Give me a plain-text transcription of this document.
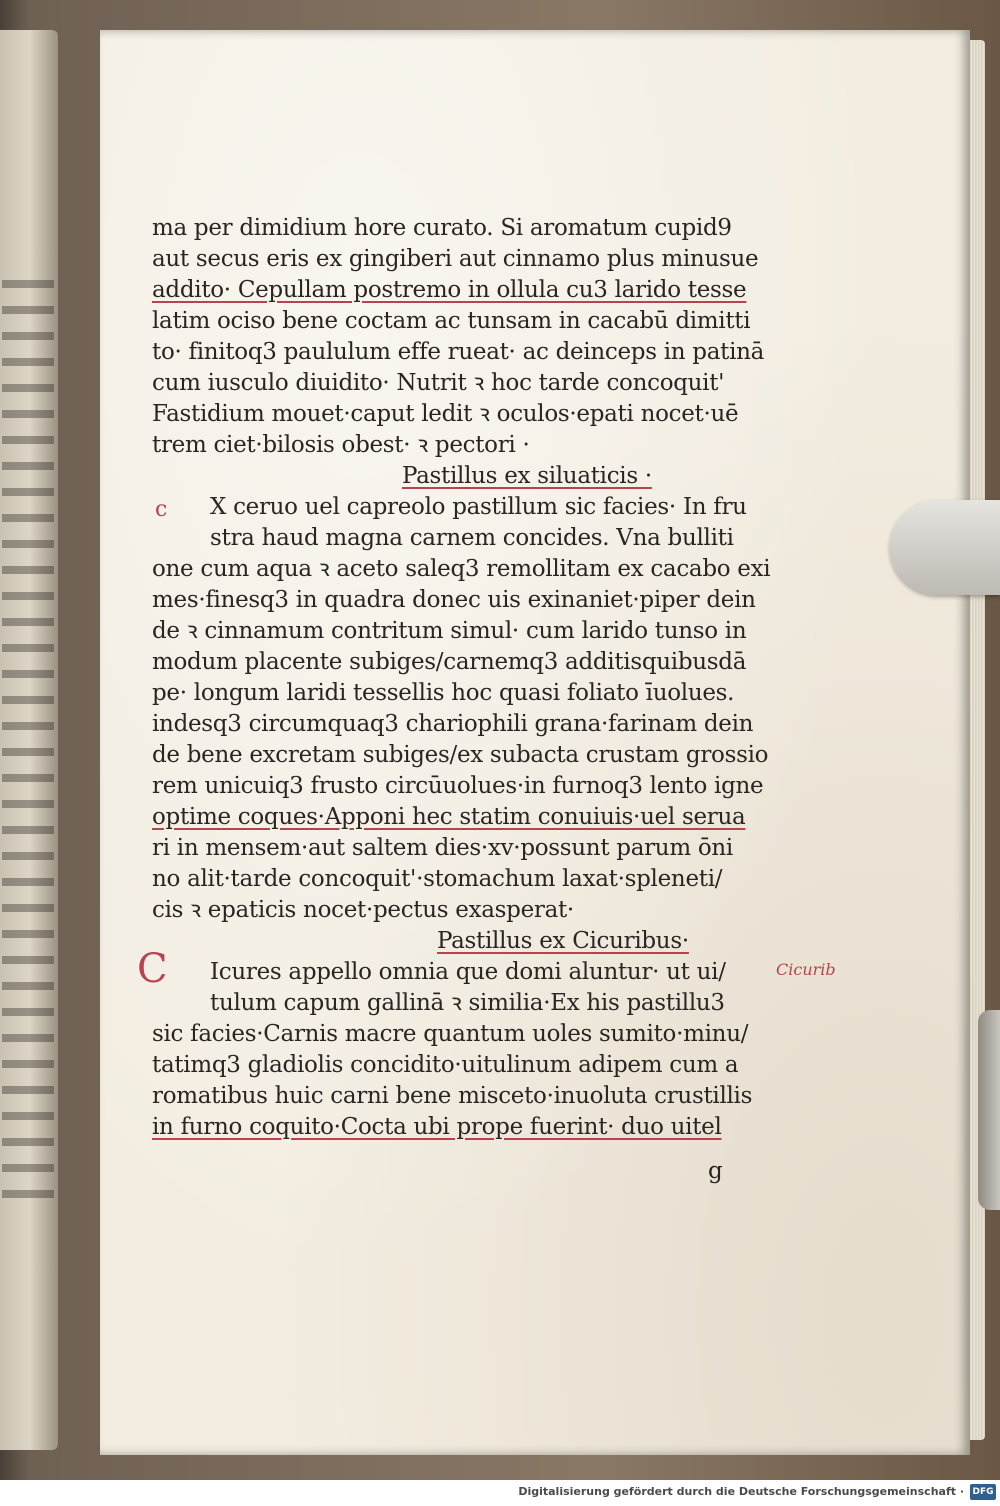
c
C	Cicurib
ma per dimidium hore curato. Si aromatum cupid9
aut secus eris ex gingiberi aut cinnamo plus minusue
addito· Cepullam postremo in ollula cu3 larido tesse
latim ociso bene coctam ac tunsam in cacabū dimitti
to· finitoq3 paululum effe rueat· ac deinceps in patinā
cum iusculo diuidito· Nutrit ꝛ hoc tarde concoquit'
Fastidium mouet·caput ledit ꝛ oculos·epati nocet·uē
trem ciet·bilosis obest· ꝛ pectori ·
Pastillus ex siluaticis ·
X ceruo uel capreolo pastillum sic facies· In fru
stra haud magna carnem concides. Vna bulliti
one cum aqua ꝛ aceto saleq3 remollitam ex cacabo exi
mes·finesq3 in quadra donec uis exinaniet·piper dein
de ꝛ cinnamum contritum simul· cum larido tunso in
modum placente subiges/carnemq3 additisquibusdā
pe· longum laridi tessellis hoc quasi foliato īuolues.
indesq3 circumquaq3 chariophili grana·farinam dein
de bene excretam subiges/ex subacta crustam grossio
rem unicuiq3 frusto circūuolues·in furnoq3 lento igne
optime coques·Apponi hec statim conuiuis·uel serua
ri in mensem·aut saltem dies·xv·possunt parum ōni
no alit·tarde concoquit'·stomachum laxat·spleneti/
cis ꝛ epaticis nocet·pectus exasperat·
Pastillus ex Cicuribus·
Icures appello omnia que domi aluntur· ut ui/
tulum capum gallinā ꝛ similia·Ex his pastillu3
sic facies·Carnis macre quantum uoles sumito·minu/
tatimq3 gladiolis concidito·uitulinum adipem cum a
romatibus huic carni bene misceto·inuoluta crustillis
in furno coquito·Cocta ubi prope fuerint· duo uitel
g
Digitalisierung gefördert durch die Deutsche Forschungsgemeinschaft · DFG
